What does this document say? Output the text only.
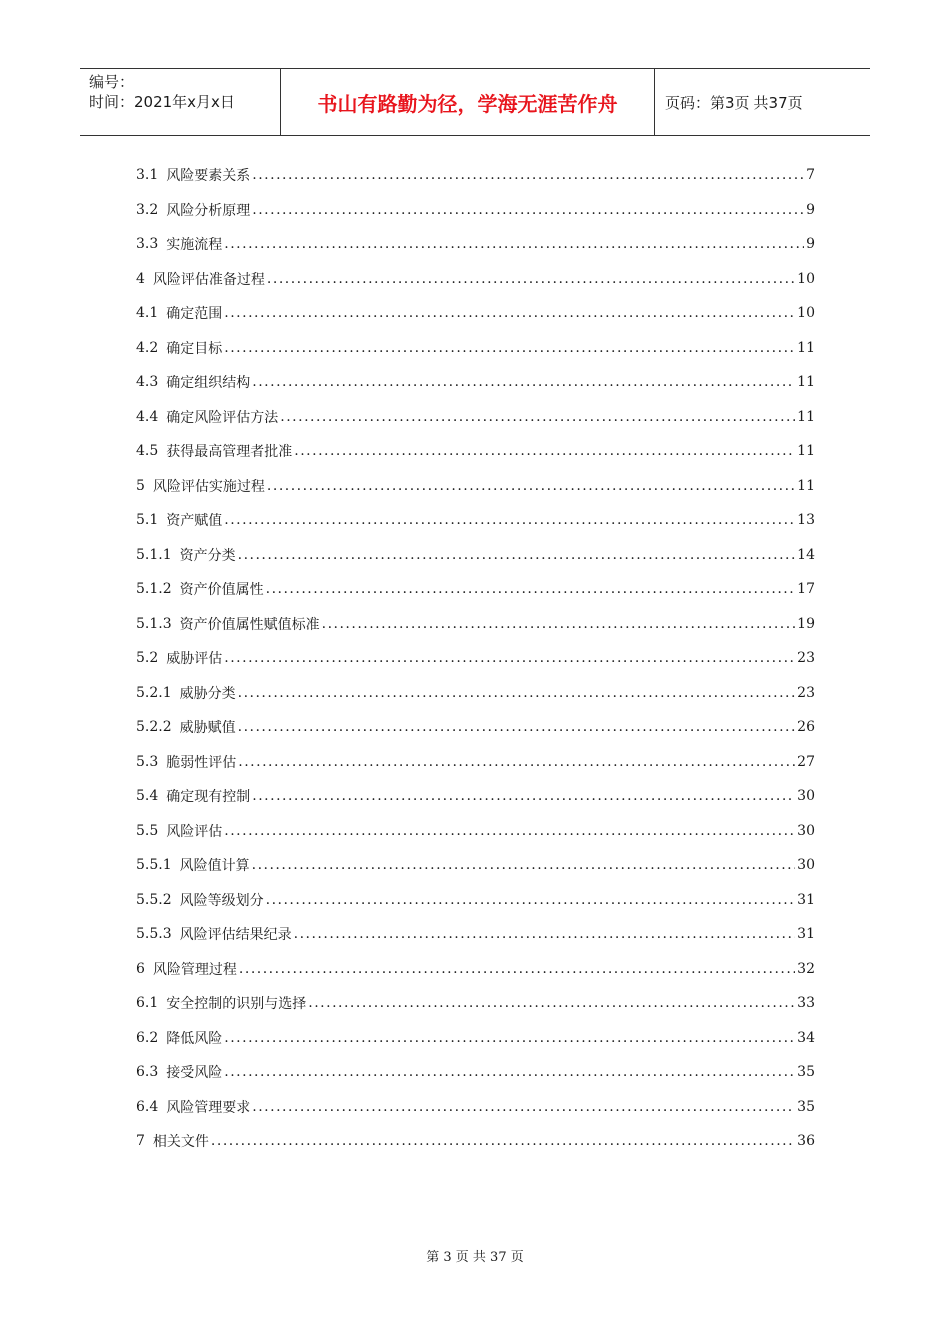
编号：
时间：2021年x月x日	书山有路勤为径，学海无涯苦作舟	页码：第3页 共37页
3.1 风险要素关系 .....	7
3.2 风险分析原理 .....	9
3.3 实施流程 .....	9
4 风险评估准备过程 .....	10
4.1 确定范围 .....	10
4.2 确定目标 .....	11
4.3 确定组织结构 .....	11
4.4 确定风险评估方法 .....	11
4.5 获得最高管理者批准 .....	11
5 风险评估实施过程 .....	11
5.1 资产赋值 .....	13
5.1.1 资产分类 .....	14
5.1.2 资产价值属性 .....	17
5.1.3 资产价值属性赋值标准 .....	19
5.2 威胁评估 .....	23
5.2.1 威胁分类 .....	23
5.2.2 威胁赋值 .....	26
5.3 脆弱性评估 .....	27
5.4 确定现有控制 .....	30
5.5 风险评估 .....	30
5.5.1 风险值计算 .....	30
5.5.2 风险等级划分 .....	31
5.5.3 风险评估结果纪录 .....	31
6 风险管理过程 .....	32
6.1 安全控制的识别与选择 .....	33
6.2 降低风险 .....	34
6.3 接受风险 .....	35
6.4 风险管理要求 .....	35
7 相关文件 .....	36
第 3 页 共 37 页
